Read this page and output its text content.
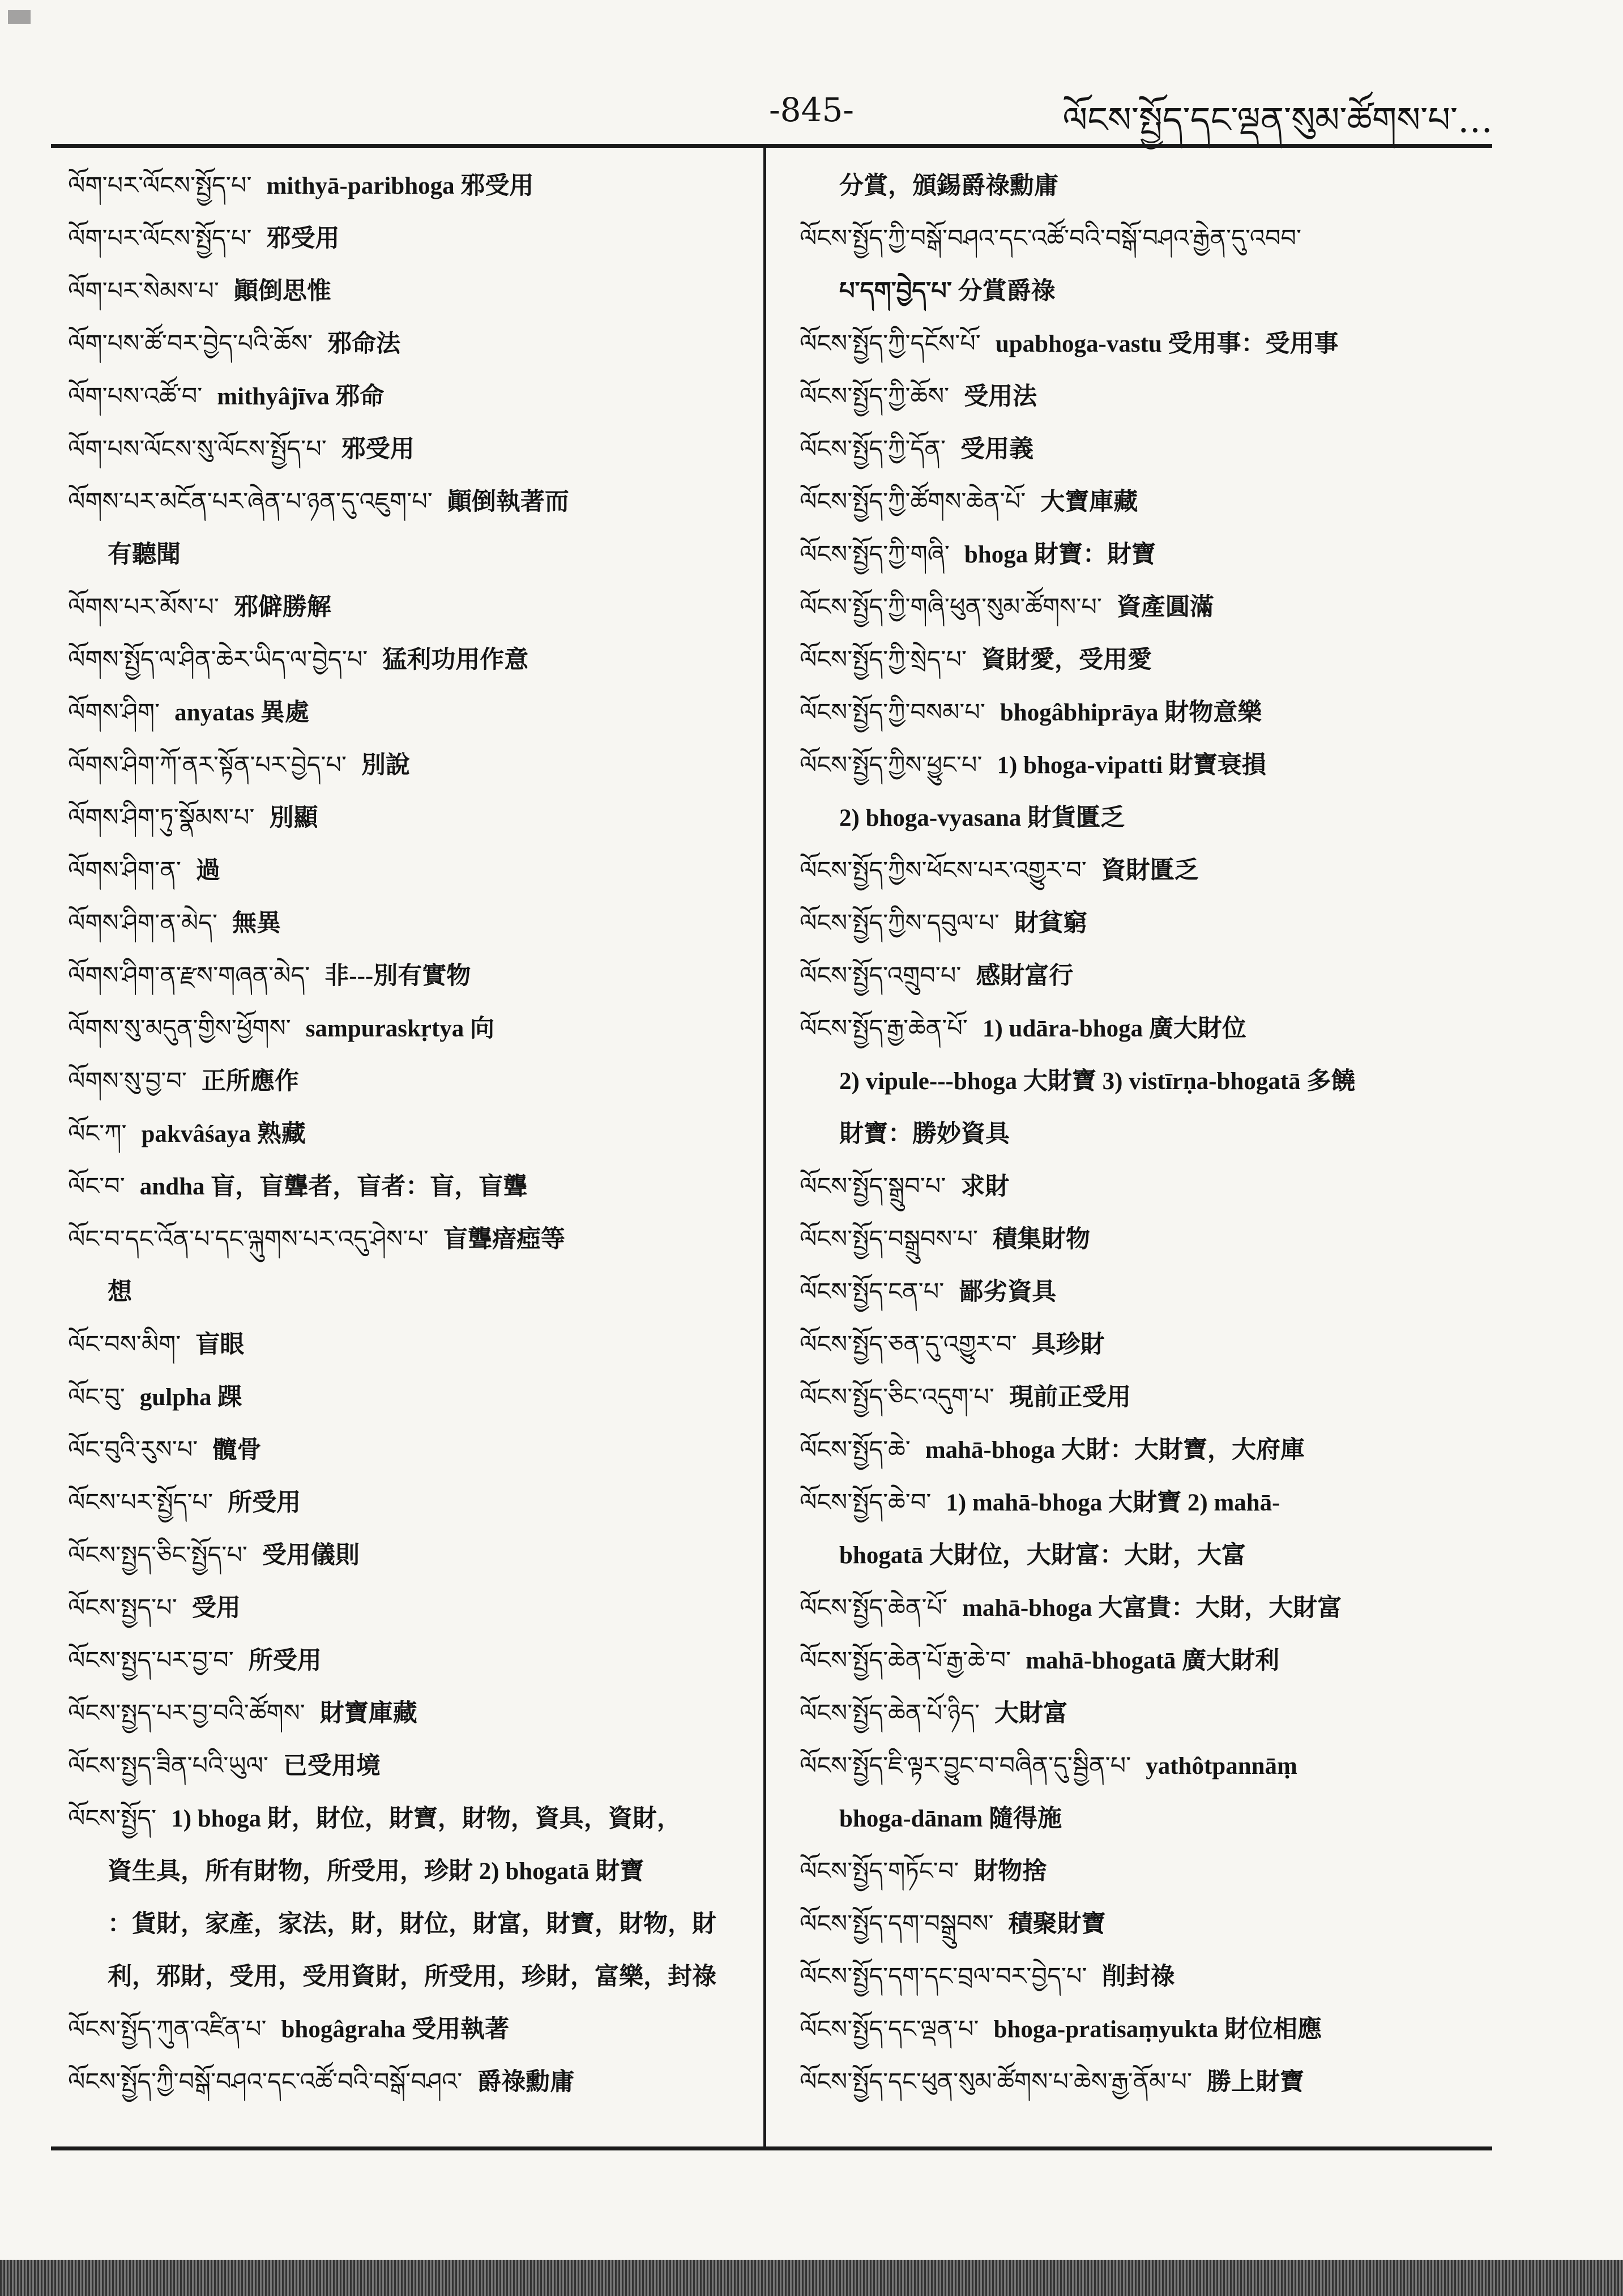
-845-	ལོངས་སྤྱོད་དང་ལྡན་སུམ་ཚོགས་པ་…

ལོག་པར་ལོངས་སྤྱོད་པ་ mithyā-paribhoga 邪受用

ལོག་པར་ལོངས་སྤྱོད་པ་ 邪受用

ལོག་པར་སེམས་པ་ 顚倒思惟

ལོག་པས་ཚོ་བར་བྱེད་པའི་ཆོས་ 邪命法

ལོག་པས་འཚོ་བ་ mithyâjīva 邪命

ལོག་པས་ལོངས་སུ་ལོངས་སྤྱོད་པ་ 邪受用

ལོགས་པར་མངོན་པར་ཞེན་པ་ཉན་དུ་འཇུག་པ་ 顚倒執著而

有聽聞

ལོགས་པར་མོས་པ་ 邪僻勝解

ལོགས་སྤྱོད་ལ་ཤིན་ཆེར་ཡིད་ལ་བྱེད་པ་ 猛利功用作意

ལོགས་ཤིག་ anyatas 異處

ལོགས་ཤིག་ཀོ་ནར་སྟོན་པར་བྱེད་པ་ 別說

ལོགས་ཤིག་ཏུ་སྣོམས་པ་ 別顯

ལོགས་ཤིག་ན་ 過

ལོགས་ཤིག་ན་མེད་ 無異

ལོགས་ཤིག་ན་རྫས་གཞན་མེད་ 非---別有實物

ལོགས་སུ་མདུན་གྱིས་ཕྱོགས་ sampuraskṛtya 向

ལོགས་སུ་བྱ་བ་ 正所應作

ལོང་ཀ་ pakvâśaya 熟藏

ལོང་བ་ andha 盲，盲聾者，盲者：盲，盲聾

ལོང་བ་དང་འོན་པ་དང་ལྐུགས་པར་འདུ་ཤེས་པ་ 盲聾瘖瘂等

想

ལོང་བས་མིག་ 盲眼

ལོང་བུ་ gulpha 踝

ལོང་བུའི་རུས་པ་ 髖骨

ལོངས་པར་སྤྱོད་པ་ 所受用

ལོངས་སྤྱད་ཅིང་སྤྱོད་པ་ 受用儀則

ལོངས་སྤྱད་པ་ 受用

ལོངས་སྤྱད་པར་བྱ་བ་ 所受用

ལོངས་སྤྱད་པར་བྱ་བའི་ཚོགས་ 財寶庫藏

ལོངས་སྤྱད་ཟིན་པའི་ཡུལ་ 已受用境

ལོངས་སྤྱོད་ 1) bhoga 財，財位，財寶，財物，資具，資財，

資生具，所有財物，所受用，珍財 2) bhogatā 財寶

：貨財，家產，家法，財，財位，財富，財寶，財物，財

利，邪財，受用，受用資財，所受用，珍財，富樂，封祿

ལོངས་སྤྱོད་ཀུན་འཛིན་པ་ bhogâgraha 受用執著

ལོངས་སྤྱོད་ཀྱི་བསྒོ་བཤའ་དང་འཚོ་བའི་བསྒོ་བཤའ་ 爵祿勳庸

分賞，頒錫爵祿勳庸

ལོངས་སྤྱོད་ཀྱི་བསྒོ་བཤའ་དང་འཚོ་བའི་བསྒོ་བཤའ་རྒྱེན་དུ་འབབ་

པ་དག་བྱེད་པ་ 分賞爵祿

ལོངས་སྤྱོད་ཀྱི་དངོས་པོ་ upabhoga-vastu 受用事：受用事

ལོངས་སྤྱོད་ཀྱི་ཆོས་ 受用法

ལོངས་སྤྱོད་ཀྱི་དོན་ 受用義

ལོངས་སྤྱོད་ཀྱི་ཚོགས་ཆེན་པོ་ 大寶庫藏

ལོངས་སྤྱོད་ཀྱི་གཞི་ bhoga 財寶：財寶

ལོངས་སྤྱོད་ཀྱི་གཞི་ཕུན་སུམ་ཚོགས་པ་ 資產圓滿

ལོངས་སྤྱོད་ཀྱི་སྲེད་པ་ 資財愛，受用愛

ལོངས་སྤྱོད་ཀྱི་བསམ་པ་ bhogâbhiprāya 財物意樂

ལོངས་སྤྱོད་ཀྱིས་ཕྱུང་པ་ 1) bhoga-vipatti 財寶衰損

2) bhoga-vyasana 財貨匱乏

ལོངས་སྤྱོད་ཀྱིས་ཕོངས་པར་འགྱུར་བ་ 資財匱乏

ལོངས་སྤྱོད་ཀྱིས་དབུལ་པ་ 財貧窮

ལོངས་སྤྱོད་འགྲུབ་པ་ 感財富行

ལོངས་སྤྱོད་རྒྱ་ཆེན་པོ་ 1) udāra-bhoga 廣大財位

2) vipule---bhoga 大財寶 3) vistīrṇa-bhogatā 多饒

財寶：勝妙資具

ལོངས་སྤྱོད་སྒྲུབ་པ་ 求財

ལོངས་སྤྱོད་བསྒྲུབས་པ་ 積集財物

ལོངས་སྤྱོད་ངན་པ་ 鄙劣資具

ལོངས་སྤྱོད་ཅན་དུ་འགྱུར་བ་ 具珍財

ལོངས་སྤྱོད་ཅིང་འདུག་པ་ 現前正受用

ལོངས་སྤྱོད་ཆེ་ mahā-bhoga 大財：大財寶，大府庫

ལོངས་སྤྱོད་ཆེ་བ་ 1) mahā-bhoga 大財寶 2) mahā-

bhogatā 大財位，大財富：大財，大富

ལོངས་སྤྱོད་ཆེན་པོ་ mahā-bhoga 大富貴：大財，大財富

ལོངས་སྤྱོད་ཆེན་པོ་རྒྱ་ཆེ་བ་ mahā-bhogatā 廣大財利

ལོངས་སྤྱོད་ཆེན་པོ་ཉིད་ 大財富

ལོངས་སྤྱོད་ཇི་ལྟར་བྱུང་བ་བཞིན་དུ་སྦྱིན་པ་ yathôtpannāṃ

bhoga-dānam 隨得施

ལོངས་སྤྱོད་གཏོང་བ་ 財物捨

ལོངས་སྤྱོད་དག་བསྒྲུབས་ 積聚財寶

ལོངས་སྤྱོད་དག་དང་བྲལ་བར་བྱེད་པ་ 削封祿

ལོངས་སྤྱོད་དང་ལྡན་པ་ bhoga-pratisaṃyukta 財位相應

ལོངས་སྤྱོད་དང་ཕུན་སུམ་ཚོགས་པ་ཆེས་རྒྱ་ནོམ་པ་ 勝上財寶
